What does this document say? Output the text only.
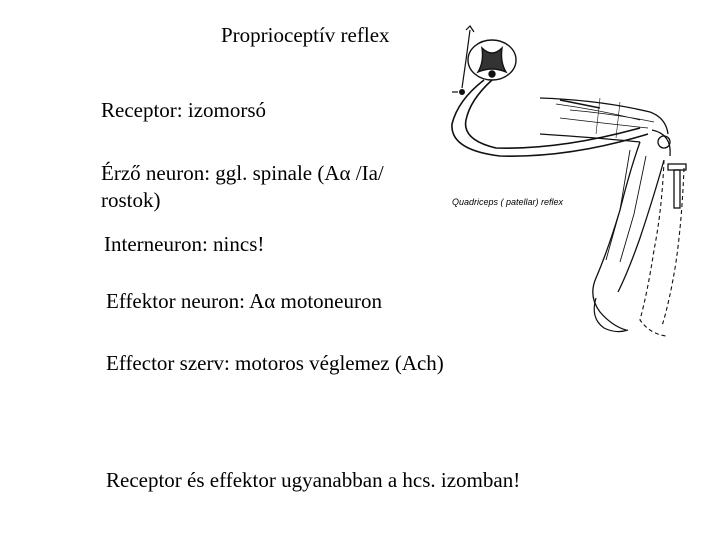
Proprioceptív reflex
Receptor: izomorsó
Érző neuron: ggl. spinale (Aα /Ia/
rostok)
Interneuron: nincs!
Effektor neuron: Aα motoneuron
Effector szerv: motoros véglemez (Ach)
Receptor és effektor ugyanabban a hcs. izomban!
Quadriceps ( patellar) reflex
